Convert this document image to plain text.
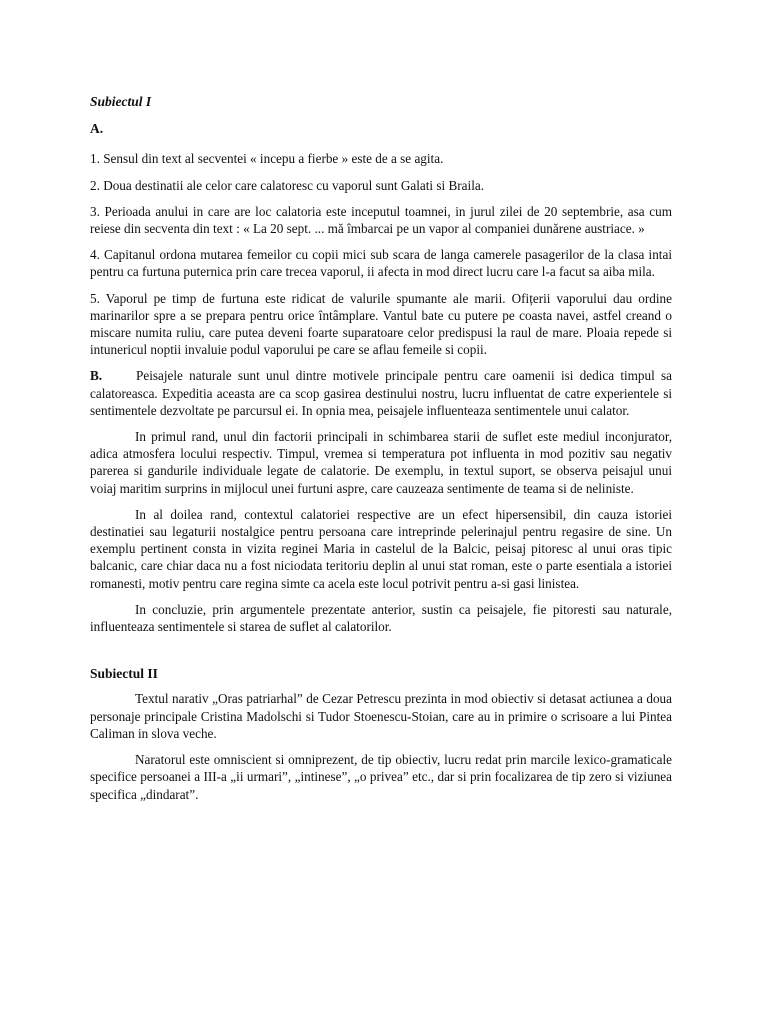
Subiectul I
A.

1. Sensul din text al secventei « incepu a fierbe » este de a se agita.

2. Doua destinatii ale celor care calatoresc cu vaporul sunt Galati si Braila.

3. Perioada anului in care are loc calatoria este inceputul toamnei, in jurul zilei de 20 septembrie, asa cum reiese din secventa din text : « La 20 sept. ... mă îmbarcai pe un vapor al companiei dunărene austriace. »

4. Capitanul ordona mutarea femeilor cu copii mici sub scara de langa camerele pasagerilor de la clasa intai pentru ca furtuna puternica prin care trecea vaporul, ii afecta in mod direct lucru care l-a facut sa aiba mila.

5. Vaporul pe timp de furtuna este ridicat de valurile spumante ale marii. Ofițerii vaporului dau ordine marinarilor spre a se prepara pentru orice întâmplare. Vantul bate cu putere pe coasta navei, astfel creand o miscare numita ruliu, care putea deveni foarte suparatoare celor predispusi la raul de mare. Ploaia repede si intunericul noptii invaluie podul vaporului pe care se aflau femeile si copii.

B.	Peisajele naturale sunt unul dintre motivele principale pentru care oamenii isi dedica timpul sa calatoreasca. Expeditia aceasta are ca scop gasirea destinului nostru, lucru influentat de catre experientele si sentimentele dezvoltate pe parcursul ei. In opnia mea, peisajele influenteaza sentimentele unui calator.

In primul rand, unul din factorii principali in schimbarea starii de suflet este mediul inconjurator, adica atmosfera locului respectiv. Timpul, vremea si temperatura pot influenta in mod pozitiv sau negativ parerea si gandurile individuale legate de calatorie. De exemplu, in textul suport, se observa peisajul unui voiaj maritim surprins in mijlocul unei furtuni aspre, care cauzeaza sentimente de teama si de neliniste.

In al doilea rand, contextul calatoriei respective are un efect hipersensibil, din cauza istoriei destinatiei sau legaturii nostalgice pentru persoana care intreprinde pelerinajul pentru regasire de sine. Un exemplu pertinent consta in vizita reginei Maria in castelul de la Balcic, peisaj pitoresc al unui oras tipic balcanic, care chiar daca nu a fost niciodata teritoriu deplin al unui stat roman, este o parte esentiala a istoriei romanesti, motiv pentru care regina simte ca acela este locul potrivit pentru a-si gasi linistea.

In concluzie, prin argumentele prezentate anterior, sustin ca peisajele, fie pitoresti sau naturale, influenteaza sentimentele si starea de suflet al calatorilor.

Subiectul II

Textul narativ „Oras patriarhal” de Cezar Petrescu prezinta in mod obiectiv si detasat actiunea a doua personaje principale Cristina Madolschi si Tudor Stoenescu-Stoian, care au in primire o scrisoare a lui Pintea Caliman in slova veche.

Naratorul este omniscient si omniprezent, de tip obiectiv, lucru redat prin marcile lexico-gramaticale specifice persoanei a III-a „ii urmari”, „intinese”, „o privea” etc., dar si prin focalizarea de tip zero si viziunea specifica „dindarat”.
